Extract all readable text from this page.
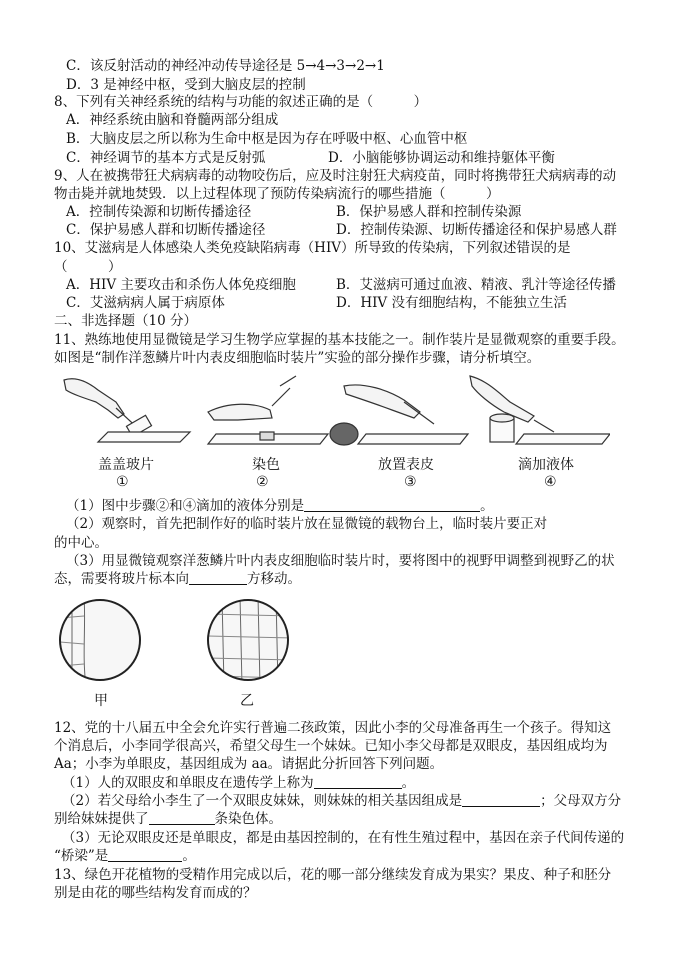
C．该反射活动的神经冲动传导途径是 5→4→3→2→1
D．3 是神经中枢，受到大脑皮层的控制
8、下列有关神经系统的结构与功能的叙述正确的是（　　　）
A．神经系统由脑和脊髓两部分组成
B．大脑皮层之所以称为生命中枢是因为存在呼吸中枢、心血管中枢
C．神经调节的基本方式是反射弧	D．小脑能够协调运动和维持躯体平衡
9、人在被携带狂犬病病毒的动物咬伤后，应及时注射狂犬病疫苗，同时将携带狂犬病病毒的动
物击毙并就地焚毁．以上过程体现了预防传染病流行的哪些措施（　　　）
A．控制传染源和切断传播途径	B．保护易感人群和控制传染源
C．保护易感人群和切断传播途径	D．控制传染源、切断传播途径和保护易感人群
10、艾滋病是人体感染人类免疫缺陷病毒（HIV）所导致的传染病，下列叙述错误的是
（　　　）
A．HIV 主要攻击和杀伤人体免疫细胞	B．艾滋病可通过血液、精液、乳汁等途径传播
C．艾滋病病人属于病原体	D．HIV 没有细胞结构，不能独立生活
二、非选择题（10 分）
11、熟练地使用显微镜是学习生物学应掌握的基本技能之一。制作装片是显微观察的重要手段。
如图是“制作洋葱鳞片叶内表皮细胞临时装片”实验的部分操作步骤，请分析填空。
盖盖玻片
①
染色
②
放置表皮
③
滴加液体
④
（1）图中步骤②和④滴加的液体分别是	。
（2）观察时，首先把制作好的临时装片放在显微镜的载物台上，临时装片要正对
的中心。
（3）用显微镜观察洋葱鳞片叶内表皮细胞临时装片时，要将图中的视野甲调整到视野乙的状
态，需要将玻片标本向	方移动。
甲	乙
12、党的十八届五中全会允许实行普遍二孩政策，因此小李的父母准备再生一个孩子。得知这
个消息后，小李同学很高兴，希望父母生一个妹妹。已知小李父母都是双眼皮，基因组成均为
Aa；小李为单眼皮，基因组成为 aa。请据此分折回答下列问题。
（1）人的双眼皮和单眼皮在遗传学上称为	。
（2）若父母给小李生了一个双眼皮妹妹，则妹妹的相关基因组成是	；父母双方分
别给妹妹提供了	条染色体。
（3）无论双眼皮还是单眼皮，都是由基因控制的，在有性生殖过程中，基因在亲子代间传递的
“桥梁”是	。
13、绿色开花植物的受精作用完成以后，花的哪一部分继续发育成为果实？果皮、种子和胚分
别是由花的哪些结构发育而成的？
